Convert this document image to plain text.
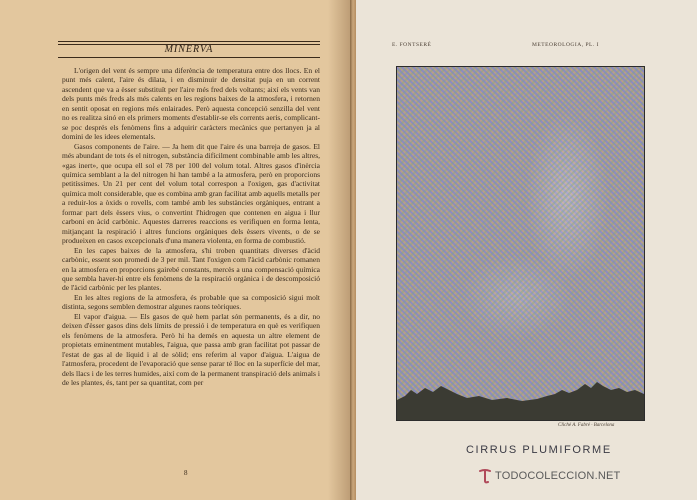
MINERVA

L'origen del vent és sempre una diferència de temperatura entre dos llocs. En el punt més calent, l'aire és dilata, i en disminuir de densitat puja en un corrent ascendent que va a èsser substituït per l'aire més fred dels voltants; així els vents van dels punts més freds als més calents en les regions baixes de la atmosfera, i retornen en sentit oposat en regions més enlairades. Però aquesta concepció senzilla del vent no es realitza sinó en els primers moments d'establir-se els corrents aeris, complicant-se poc després els fenòmens fins a adquirir caràcters mecànics que pertanyen ja al domini de les idees elementals.

Gasos components de l'aire. — Ja hem dit que l'aire és una barreja de gasos. El més abundant de tots és el nitrogen, substància difícilment combinable amb les altres, «gas inert», que ocupa ell sol el 78 per 100 del volum total. Altres gasos d'inèrcia química semblant a la del nitrogen hi han també a la atmosfera, però en proporcions petitíssimes. Un 21 per cent del volum total correspon a l'oxigen, gas d'activitat química molt considerable, que es combina amb gran facilitat amb aquells metalls per a reduir-los a òxids o rovells, com també amb les substàncies orgàniques, entrant a formar part dels èssers vius, o convertint l'hidrogen que contenen en aigua i llur carboni en àcid carbònic. Aquestes darreres reaccions es verifiquen en forma lenta, mitjançant la respiració i altres funcions orgàniques dels èssers vivents, o de se produeixen en casos excepcionals d'una manera violenta, en forma de combustió.

En les capes baixes de la atmosfera, s'hi troben quantitats diverses d'àcid carbònic, essent son promedi de 3 per mil. Tant l'oxigen com l'àcid carbònic romanen en la atmosfera en proporcions gairebé constants, mercès a una compensació química que sembla haver-hi entre els fenòmens de la respiració orgànica i de descomposició de l'àcid carbònic per les plantes.

En les altes regions de la atmosfera, és probable que sa composició sigui molt distinta, segons semblen demostrar algunes raons teòriques.

El vapor d'aigua. — Els gasos de què hem parlat són permanents, és a dir, no deixen d'èsser gasos dins dels límits de pressió i de temperatura en què es verifiquen els fenòmens de la atmosfera. Però hi ha demés en aquesta un altre element de propietats eminentment mutables, l'aigua, que passa amb gran facilitat pot passar de l'estat de gas al de líquid i al de sòlid; ens referim al vapor d'aigua. L'aigua de l'atmosfera, procedent de l'evaporació que sense parar té lloc en la superfície del mar, dels llacs i de les terres humides, així com de la permanent transpiració dels animals i de les plantes, és, tant per sa quantitat, com per

8
E. FONTSERÉ	METEOROLOGIA, PL. I
Cliché A. Fabré · Barcelona
CIRRUS PLUMIFORME
TODOCOLECCION.NET
